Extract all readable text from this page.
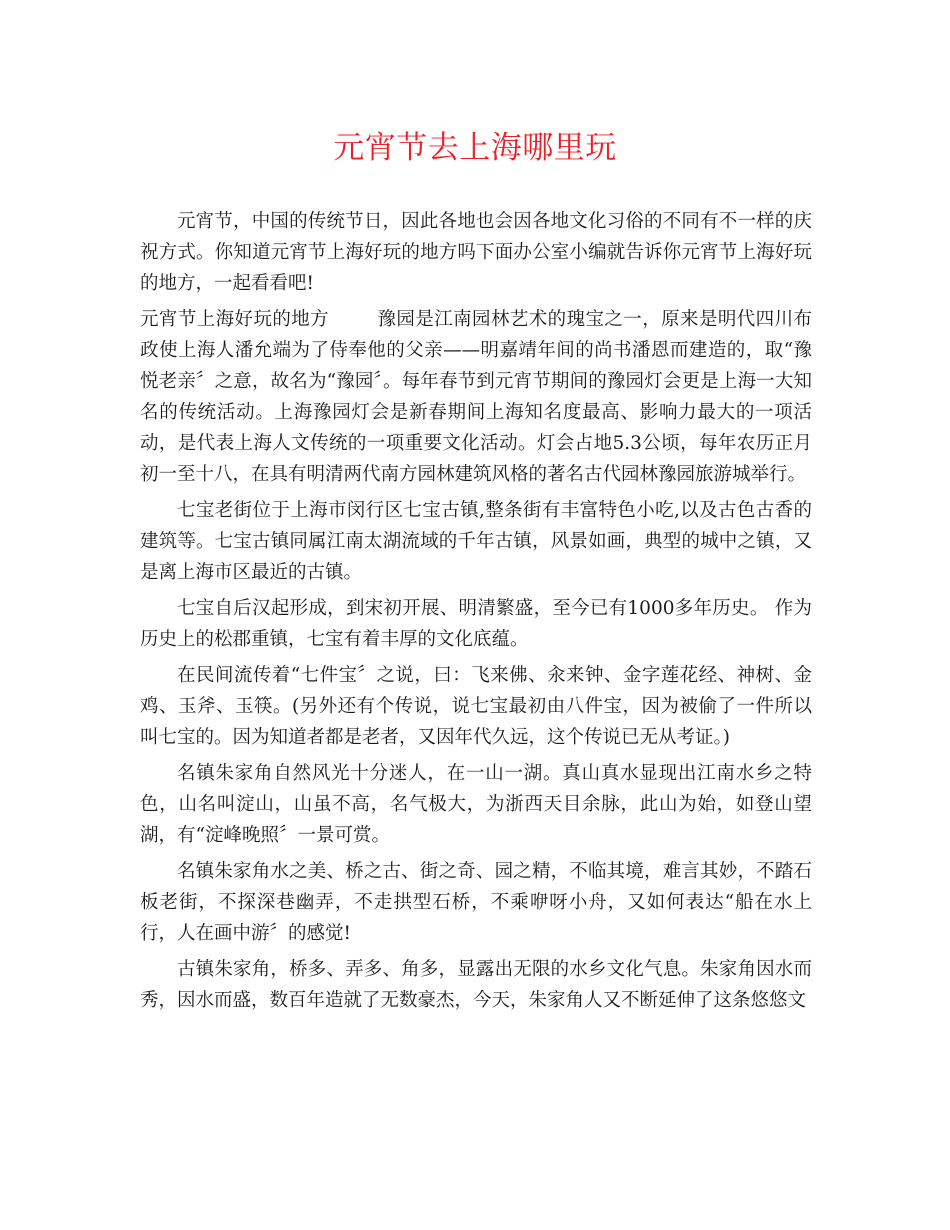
元宵节去上海哪里玩

元宵节，中国的传统节日，因此各地也会因各地文化习俗的不同有不一样的庆祝方式。你知道元宵节上海好玩的地方吗下面办公室小编就告诉你元宵节上海好玩的地方，一起看看吧!

元宵节上海好玩的地方	豫园是江南园林艺术的瑰宝之一，原来是明代四川布政使上海人潘允端为了侍奉他的父亲——明嘉靖年间的尚书潘恩而建造的，取“豫悦老亲〞之意，故名为“豫园〞。每年春节到元宵节期间的豫园灯会更是上海一大知名的传统活动。上海豫园灯会是新春期间上海知名度最高、影响力最大的一项活动，是代表上海人文传统的一项重要文化活动。灯会占地5.3公顷，每年农历正月初一至十八，在具有明清两代南方园林建筑风格的著名古代园林豫园旅游城举行。

七宝老街位于上海市闵行区七宝古镇,整条街有丰富特色小吃,以及古色古香的建筑等。七宝古镇同属江南太湖流域的千年古镇，风景如画，典型的城中之镇，又是离上海市区最近的古镇。

七宝自后汉起形成，到宋初开展、明清繁盛，至今已有1000多年历史。 作为历史上的松郡重镇，七宝有着丰厚的文化底蕴。

在民间流传着“七件宝〞之说，曰：飞来佛、汆来钟、金字莲花经、神树、金鸡、玉斧、玉筷。(另外还有个传说，说七宝最初由八件宝，因为被偷了一件所以叫七宝的。因为知道者都是老者，又因年代久远，这个传说已无从考证。)

名镇朱家角自然风光十分迷人，在一山一湖。真山真水显现出江南水乡之特色，山名叫淀山，山虽不高，名气极大，为浙西天目余脉，此山为始，如登山望湖，有“淀峰晚照〞一景可赏。

名镇朱家角水之美、桥之古、街之奇、园之精，不临其境，难言其妙，不踏石板老街，不探深巷幽弄，不走拱型石桥，不乘咿呀小舟，又如何表达“船在水上行，人在画中游〞的感觉!

古镇朱家角，桥多、弄多、角多，显露出无限的水乡文化气息。朱家角因水而秀，因水而盛，数百年造就了无数豪杰，今天，朱家角人又不断延伸了这条悠悠文
